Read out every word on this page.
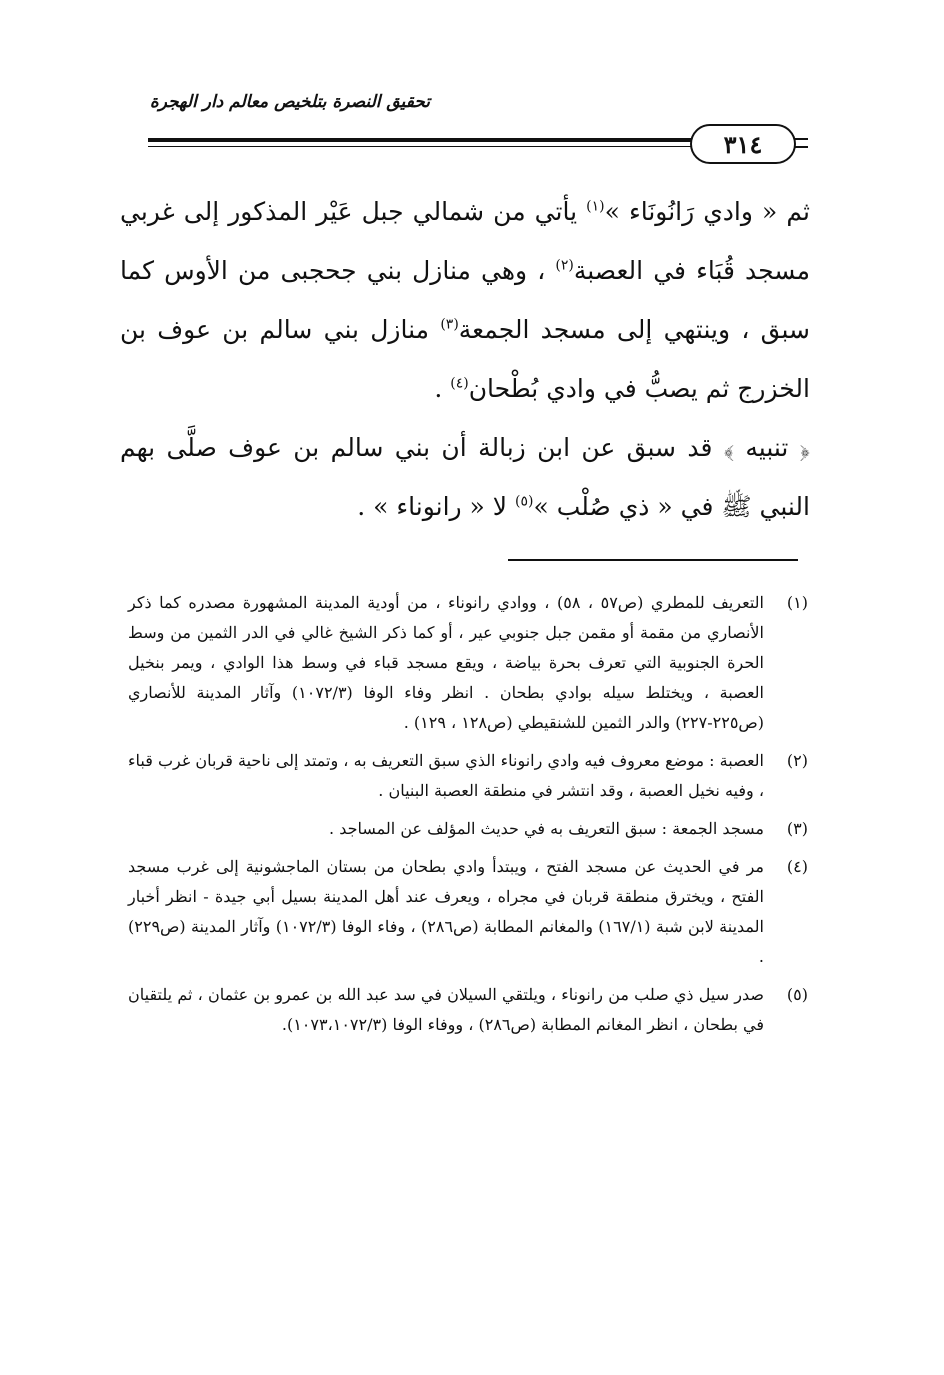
تحقيق النصرة بتلخيص معالم دار الهجرة
٣١٤

ثم « وادي رَانُونَاء »$^{(١)}$ يأتي من شمالي جبل عَيْر المذكور إلى غربي مسجد قُبَاء في العصبة$^{(٢)}$ ، وهي منازل بني جحجبى من الأوس كما سبق ، وينتهي إلى مسجد الجمعة$^{(٣)}$ منازل بني سالم بن عوف بن الخزرج ثم يصبُّ في وادي بُطْحان$^{(٤)}$ .

﴿ تنبيه ﴾ قد سبق عن ابن زبالة أن بني سالم بن عوف صلَّى بهم النبي ﷺ في « ذي صُلْب »$^{(٥)}$ لا « رانوناء » .

(١)
التعريف للمطري (ص٥٧ ، ٥٨) ، ووادي رانوناء ، من أودية المدينة المشهورة مصدره كما ذكر الأنصاري من مقمة أو مقمن جبل جنوبي عير ، أو كما ذكر الشيخ غالي في الدر الثمين من وسط الحرة الجنوبية التي تعرف بحرة بياضة ، ويقع مسجد قباء في وسط هذا الوادي ، ويمر بنخيل العصبة ، ويختلط سيله بوادي بطحان . انظر وفاء الوفا (١٠٧٢/٣) وآثار المدينة للأنصاري (ص٢٢٥-٢٢٧) والدر الثمين للشنقيطي (ص١٢٨ ، ١٢٩) .
(٢)
العصبة : موضع معروف فيه وادي رانوناء الذي سبق التعريف به ، وتمتد إلى ناحية قربان غرب قباء ، وفيه نخيل العصبة ، وقد انتشر في منطقة العصبة البنيان .
(٣)
مسجد الجمعة : سبق التعريف به في حديث المؤلف عن المساجد .
(٤)
مر في الحديث عن مسجد الفتح ، ويبتدأ وادي بطحان من بستان الماجشونية إلى غرب مسجد الفتح ، ويخترق منطقة قربان في مجراه ، ويعرف عند أهل المدينة بسيل أبي جيدة - انظر أخبار المدينة لابن شبة (١٦٧/١) والمغانم المطابة (ص٢٨٦) ، وفاء الوفا (١٠٧٢/٣) وآثار المدينة (ص٢٢٩) .
(٥)
صدر سيل ذي صلب من رانوناء ، ويلتقي السيلان في سد عبد الله بن عمرو بن عثمان ، ثم يلتقيان في بطحان ، انظر المغانم المطابة (ص٢٨٦) ، ووفاء الوفا (١٠٧٣،١٠٧٢/٣).
